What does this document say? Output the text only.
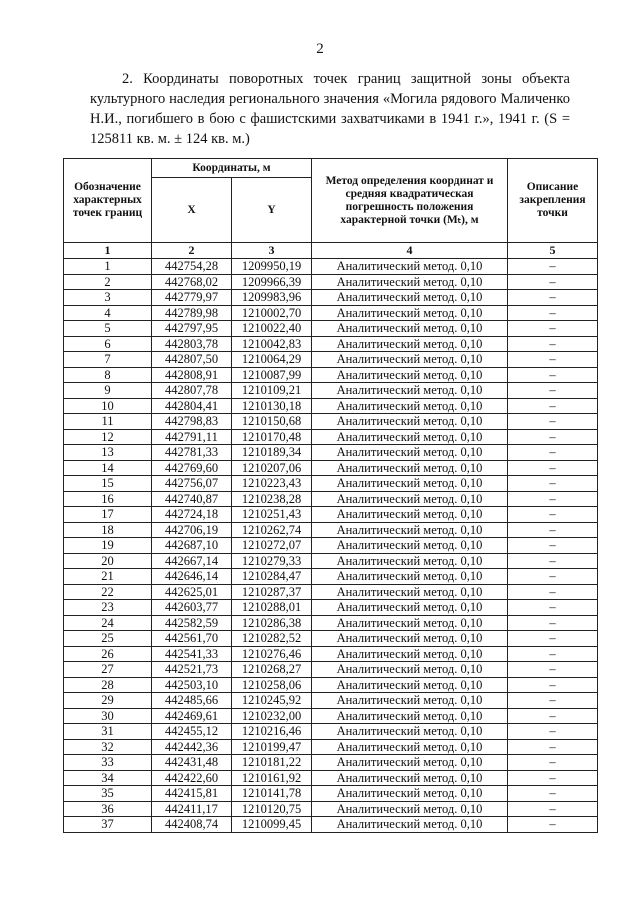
2
2. Координаты поворотных точек границ защитной зоны объекта культурного наследия регионального значения «Могила рядового Маличенко Н.И., погибшего в бою с фашистскими захватчиками в 1941 г.», 1941 г. (S = 125811 кв. м. ± 124 кв. м.)
Обозначение характерных точек границ	Координаты, м		Метод определения координат и средняя квадратическая погрешность положения характерной точки (Mₜ), м	Описание закрепления точки
	X	Y		
1	2	3	4	5
1	442754,28	1209950,19	Аналитический метод. 0,10	–
2	442768,02	1209966,39	Аналитический метод. 0,10	–
3	442779,97	1209983,96	Аналитический метод. 0,10	–
4	442789,98	1210002,70	Аналитический метод. 0,10	–
5	442797,95	1210022,40	Аналитический метод. 0,10	–
6	442803,78	1210042,83	Аналитический метод. 0,10	–
7	442807,50	1210064,29	Аналитический метод. 0,10	–
8	442808,91	1210087,99	Аналитический метод. 0,10	–
9	442807,78	1210109,21	Аналитический метод. 0,10	–
10	442804,41	1210130,18	Аналитический метод. 0,10	–
11	442798,83	1210150,68	Аналитический метод. 0,10	–
12	442791,11	1210170,48	Аналитический метод. 0,10	–
13	442781,33	1210189,34	Аналитический метод. 0,10	–
14	442769,60	1210207,06	Аналитический метод. 0,10	–
15	442756,07	1210223,43	Аналитический метод. 0,10	–
16	442740,87	1210238,28	Аналитический метод. 0,10	–
17	442724,18	1210251,43	Аналитический метод. 0,10	–
18	442706,19	1210262,74	Аналитический метод. 0,10	–
19	442687,10	1210272,07	Аналитический метод. 0,10	–
20	442667,14	1210279,33	Аналитический метод. 0,10	–
21	442646,14	1210284,47	Аналитический метод. 0,10	–
22	442625,01	1210287,37	Аналитический метод. 0,10	–
23	442603,77	1210288,01	Аналитический метод. 0,10	–
24	442582,59	1210286,38	Аналитический метод. 0,10	–
25	442561,70	1210282,52	Аналитический метод. 0,10	–
26	442541,33	1210276,46	Аналитический метод. 0,10	–
27	442521,73	1210268,27	Аналитический метод. 0,10	–
28	442503,10	1210258,06	Аналитический метод. 0,10	–
29	442485,66	1210245,92	Аналитический метод. 0,10	–
30	442469,61	1210232,00	Аналитический метод. 0,10	–
31	442455,12	1210216,46	Аналитический метод. 0,10	–
32	442442,36	1210199,47	Аналитический метод. 0,10	–
33	442431,48	1210181,22	Аналитический метод. 0,10	–
34	442422,60	1210161,92	Аналитический метод. 0,10	–
35	442415,81	1210141,78	Аналитический метод. 0,10	–
36	442411,17	1210120,75	Аналитический метод. 0,10	–
37	442408,74	1210099,45	Аналитический метод. 0,10	–
